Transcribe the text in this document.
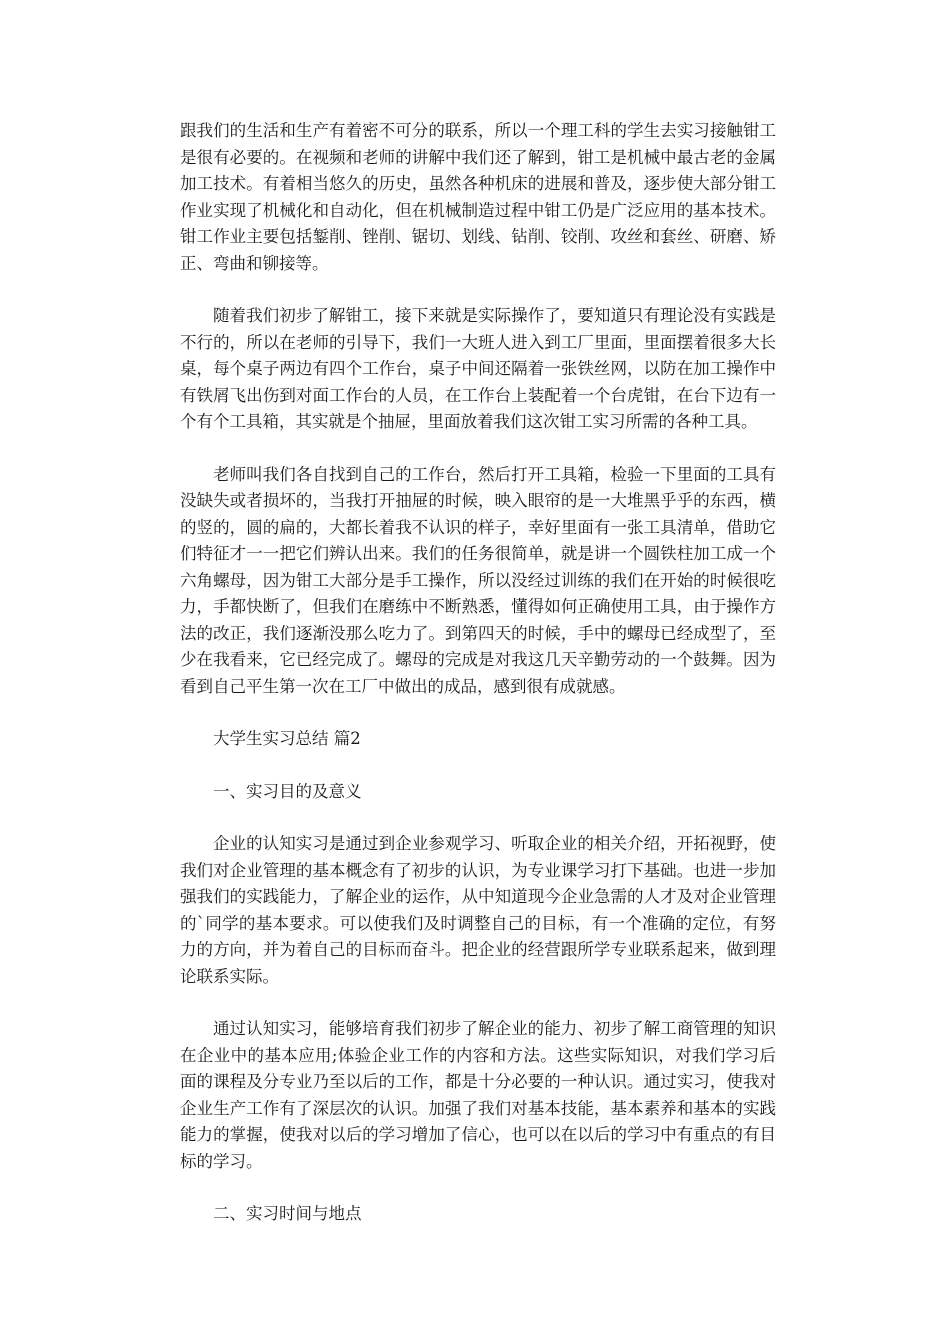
跟我们的生活和生产有着密不可分的联系，所以一个理工科的学生去实习接触钳工是很有必要的。在视频和老师的讲解中我们还了解到，钳工是机械中最古老的金属加工技术。有着相当悠久的历史，虽然各种机床的进展和普及，逐步使大部分钳工作业实现了机械化和自动化，但在机械制造过程中钳工仍是广泛应用的基本技术。钳工作业主要包括錾削、锉削、锯切、划线、钻削、铰削、攻丝和套丝、研磨、矫正、弯曲和铆接等。

随着我们初步了解钳工，接下来就是实际操作了，要知道只有理论没有实践是不行的，所以在老师的引导下，我们一大班人进入到工厂里面，里面摆着很多大长桌，每个桌子两边有四个工作台，桌子中间还隔着一张铁丝网，以防在加工操作中有铁屑飞出伤到对面工作台的人员，在工作台上装配着一个台虎钳，在台下边有一个有个工具箱，其实就是个抽屉，里面放着我们这次钳工实习所需的各种工具。

老师叫我们各自找到自己的工作台，然后打开工具箱，检验一下里面的工具有没缺失或者损坏的，当我打开抽屉的时候，映入眼帘的是一大堆黑乎乎的东西，横的竖的，圆的扁的，大都长着我不认识的样子，幸好里面有一张工具清单，借助它们特征才一一把它们辨认出来。我们的任务很简单，就是讲一个圆铁柱加工成一个六角螺母，因为钳工大部分是手工操作，所以没经过训练的我们在开始的时候很吃力，手都快断了，但我们在磨练中不断熟悉，懂得如何正确使用工具，由于操作方法的改正，我们逐渐没那么吃力了。到第四天的时候，手中的螺母已经成型了，至少在我看来，它已经完成了。螺母的完成是对我这几天辛勤劳动的一个鼓舞。因为看到自己平生第一次在工厂中做出的成品，感到很有成就感。

大学生实习总结 篇2

一、实习目的及意义

企业的认知实习是通过到企业参观学习、听取企业的相关介绍，开拓视野，使我们对企业管理的基本概念有了初步的认识，为专业课学习打下基础。也进一步加强我们的实践能力，了解企业的运作，从中知道现今企业急需的人才及对企业管理的`同学的基本要求。可以使我们及时调整自己的目标，有一个准确的定位，有努力的方向，并为着自己的目标而奋斗。把企业的经营跟所学专业联系起来，做到理论联系实际。

通过认知实习，能够培育我们初步了解企业的能力、初步了解工商管理的知识在企业中的基本应用;体验企业工作的内容和方法。这些实际知识，对我们学习后面的课程及分专业乃至以后的工作，都是十分必要的一种认识。通过实习，使我对企业生产工作有了深层次的认识。加强了我们对基本技能，基本素养和基本的实践能力的掌握，使我对以后的学习增加了信心，也可以在以后的学习中有重点的有目标的学习。

二、实习时间与地点
